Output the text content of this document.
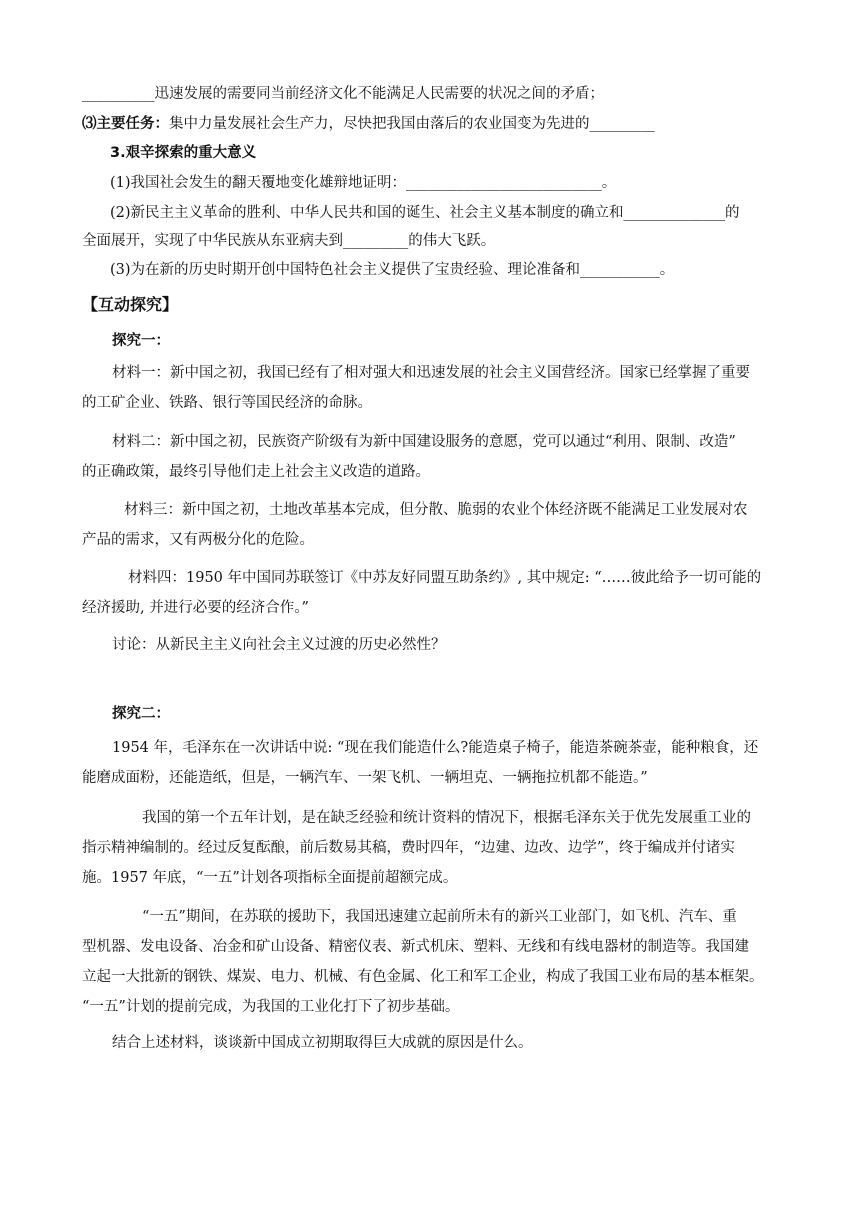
__________迅速发展的需要同当前经济文化不能满足人民需要的状况之间的矛盾；
⑶主要任务：集中力量发展社会生产力，尽快把我国由落后的农业国变为先进的_________
3.艰辛探索的重大意义
(1)我国社会发生的翻天覆地变化雄辩地证明：___________________________。
(2)新民主主义革命的胜利、中华人民共和国的诞生、社会主义基本制度的确立和______________的
全面展开，实现了中华民族从东亚病夫到_________的伟大飞跃。
(3)为在新的历史时期开创中国特色社会主义提供了宝贵经验、理论准备和___________。
【互动探究】
探究一：
材料一：新中国之初，我国已经有了相对强大和迅速发展的社会主义国营经济。国家已经掌握了重要
的工矿企业、铁路、银行等国民经济的命脉。
材料二：新中国之初，民族资产阶级有为新中国建设服务的意愿，党可以通过“利用、限制、改造”
的正确政策，最终引导他们走上社会主义改造的道路。
材料三：新中国之初，土地改革基本完成，但分散、脆弱的农业个体经济既不能满足工业发展对农
产品的需求，又有两极分化的危险。
材料四：1950 年中国同苏联签订《中苏友好同盟互助条约》, 其中规定: “……彼此给予一切可能的
经济援助, 并进行必要的经济合作。”
讨论：从新民主主义向社会主义过渡的历史必然性？
探究二：
1954 年，毛泽东在一次讲话中说: “现在我们能造什么?能造桌子椅子，能造茶碗茶壶，能种粮食，还
能磨成面粉，还能造纸，但是，一辆汽车、一架飞机、一辆坦克、一辆拖拉机都不能造。”
我国的第一个五年计划，是在缺乏经验和统计资料的情况下，根据毛泽东关于优先发展重工业的
指示精神编制的。经过反复酝酿，前后数易其稿，费时四年，“边建、边改、边学”，终于编成并付诸实
施。1957 年底，“一五”计划各项指标全面提前超额完成。
“一五”期间，在苏联的援助下，我国迅速建立起前所未有的新兴工业部门，如飞机、汽车、重
型机器、发电设备、冶金和矿山设备、精密仪表、新式机床、塑料、无线和有线电器材的制造等。我国建
立起一大批新的钢铁、煤炭、电力、机械、有色金属、化工和军工企业，构成了我国工业布局的基本框架。
“一五”计划的提前完成，为我国的工业化打下了初步基础。
结合上述材料，谈谈新中国成立初期取得巨大成就的原因是什么。
